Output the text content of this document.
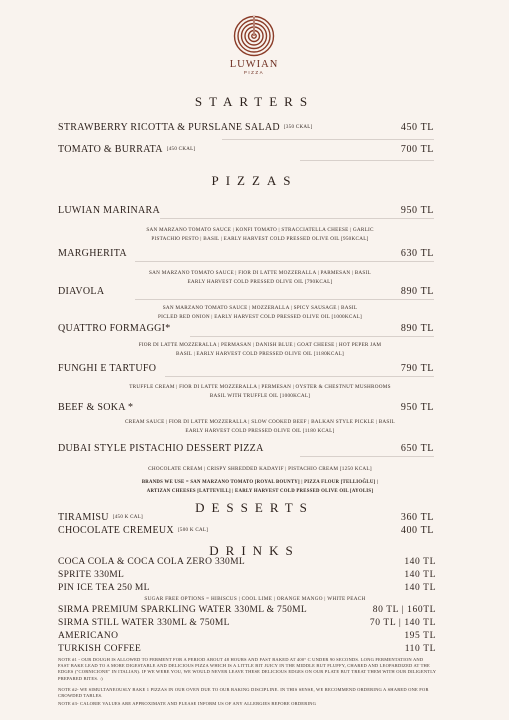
LUWIAN
PIZZA
STARTERS
STRAWBERRY RICOTTA & PURSLANE SALAD [350 CKAL]	450 TL
TOMATO & BURRATA [450 CKAL]	700 TL
PIZZAS
LUWIAN MARINARA	950 TL
SAN MARZANO TOMATO SAUCE | KONFI TOMATO | STRACCIATELLA CHEESE | GARLIC
PISTACHIO PESTO | BASIL | EARLY HARVEST COLD PRESSED OLIVE OIL [950KCAL]
MARGHERITA	630 TL
SAN MARZANO TOMATO SAUCE | FIOR DI LATTE MOZZERALLA | PARMESAN | BASIL
EARLY HARVEST COLD PRESSED OLIVE OIL [790KCAL]
DIAVOLA	890 TL
SAN MARZANO TOMATO SAUCE | MOZZERALLA | SPICY SAUSAGE | BASIL
PICLED RED ONION | EARLY HARVEST COLD PRESSED OLIVE OIL [1000KCAL]
QUATTRO FORMAGGI*	890 TL
FIOR DI LATTE MOZZERALLA | PERMASAN | DANISH BLUE | GOAT CHEESE | HOT PEPER JAM
BASIL | EARLY HARVEST COLD PRESSED OLIVE OIL [1180KCAL]
FUNGHI E TARTUFO	790 TL
TRUFFLE CREAM | FIOR DI LATTE MOZZERALLA | PERMESAN | OYSTER & CHESTNUT MUSHROOMS
BASIL WITH TRUFFLE OIL [1000KCAL]
BEEF & SOKA *	950 TL
CREAM SAUCE | FIOR DI LATTE MOZZERALLA | SLOW COOKED BEEF | BALKAN STYLE PICKLE | BASIL
EARLY HARVEST COLD PRESSED OLIVE OIL [1180 KCAL]
DUBAI STYLE PISTACHIO DESSERT PIZZA	650 TL
CHOCOLATE CREAM | CRISPY SHREDDED KADAYIF | PISTACHIO CREAM [1250 KCAL]
BRANDS WE USE = SAN MARZANO TOMATO [ROYAL BOUNTY] | PIZZA FLOUR [TELLIOĞLU] |
ARTIZAN CHEESES [LATTEVILL] | EARLY HARVEST COLD PRESSED OLIVE OIL [AYOLIS]
DESSERTS
TIRAMISU [450 K CAL]	360 TL
CHOCOLATE CREMEUX [500 K CAL]	400 TL
DRINKS
COCA COLA & COCA COLA ZERO 330ML	140 TL
SPRITE 330ML	140 TL
PIN ICE TEA 250 ML	140 TL
SUGAR FREE OPTIONS = HIBISCUS | COOL LIME | ORANGE MANGO | WHITE PEACH
SIRMA PREMIUM SPARKLING WATER 330ML & 750ML	80 TL | 160TL
SIRMA STILL WATER 330ML & 750ML	70 TL | 140 TL
AMERICANO	195 TL
TURKISH COFFEE	110 TL
NOTE #1 - OUR DOUGH IS ALLOWED TO FERMENT FOR A PERIOD ABOUT 48 HOURS AND FAST BAKED AT 400° C UNDER 90 SECONDS. LONG FERMENTATION AND FAST BAKE LEAD TO A MORE DIGESTABLE AND DELICIOUS PIZZA WHICH IS A LITTLE BIT JUICY IN THE MIDDLE BUT FLUFFY, CHARED AND LEOPARDIZED AT THE EDGES ("CORNICIONE" IN ITALIAN). IF WE WERE YOU, WE WOULD NEVER LEAVE THESE DELICIOUS EDGES ON OUR PLATE BUT TREAT THEM WITH OUR DILIGENTLY PREPARED BITES. :)
NOTE #2- WE SIMULTANEOUSLY BAKE 1 PIZZAS IN OUR OVEN DUE TO OUR BAKING DISCIPLINE. IN THIS SENSE, WE RECOMMEND ORDERING A SHARED ONE FOR CROWDED TABLES.
NOTE #3- CALORIE VALUES ARE APPROXIMATE AND PLEASE INFORM US OF ANY ALLERGIES BEFORE ORDERING
